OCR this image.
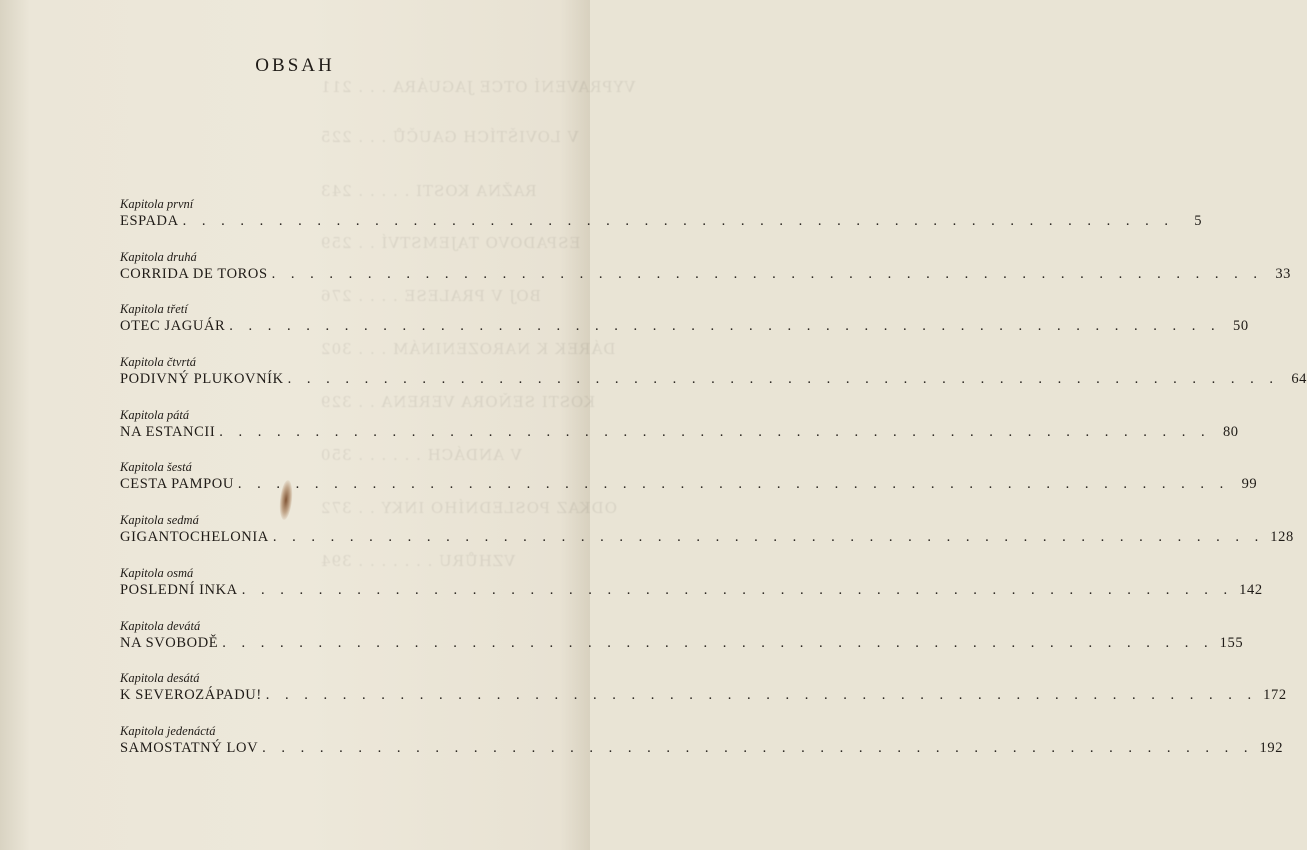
VYPRAVENÍ OTCE JAGUÁRA . . . 211
V LOVIŠTÍCH GAUČŮ . . . 225
RAŽNA KOSTI . . . . . 243
ESPADOVO TAJEMSTVÍ . . 259
BOJ V PRALESE . . . . 276
DÁREK K NAROZENINÁM . . . 302
KOSTI SEŇORA VERENA . . 329
V ANDÁCH . . . . . . 350
ODKAZ POSLEDNÍHO INKY . . 372
VZHŮRU . . . . . . . 394
OBSAH
Kapitola první
ESPADA . . .	5
Kapitola druhá
CORRIDA DE TOROS . . .	33
Kapitola třetí
OTEC JAGUÁR . . .	50
Kapitola čtvrtá
PODIVNÝ PLUKOVNÍK . . .	64
Kapitola pátá
NA ESTANCII . . .	80
Kapitola šestá
CESTA PAMPOU . . .	99
Kapitola sedmá
GIGANTOCHELONIA . . .	128
Kapitola osmá
POSLEDNÍ INKA . . .	142
Kapitola devátá
NA SVOBODĚ . . .	155
Kapitola desátá
K SEVEROZÁPADU! . . .	172
Kapitola jedenáctá
SAMOSTATNÝ LOV . . .	192
